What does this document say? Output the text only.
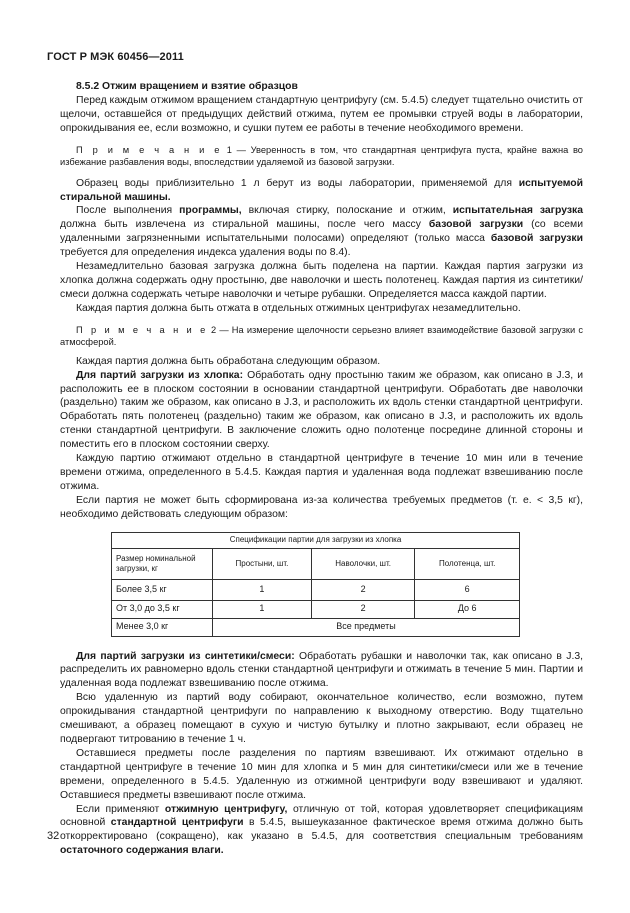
ГОСТ Р МЭК 60456—2011

8.5.2 Отжим вращением и взятие образцов

Перед каждым отжимом вращением стандартную центрифугу (см. 5.4.5) следует тщательно очистить от щелочи, оставшейся от предыдущих действий отжима, путем ее промывки струей воды в лаборатории, опрокидывания ее, если возможно, и сушки путем ее работы в течение необходимого времени.

П р и м е ч а н и е 1 — Уверенность в том, что стандартная центрифуга пуста, крайне важна во избежание разбавления воды, впоследствии удаляемой из базовой загрузки.

Образец воды приблизительно 1 л берут из воды лаборатории, применяемой для испытуемой стиральной машины.

После выполнения программы, включая стирку, полоскание и отжим, испытательная загрузка должна быть извлечена из стиральной машины, после чего массу базовой загрузки (со всеми удаленными загрязненными испытательными полосами) определяют (только масса базовой загрузки требуется для определения индекса удаления воды по 8.4).

Незамедлительно базовая загрузка должна быть поделена на партии. Каждая партия загрузки из хлопка должна содержать одну простыню, две наволочки и шесть полотенец. Каждая партия из синтетики/смеси должна содержать четыре наволочки и четыре рубашки. Определяется масса каждой партии.

Каждая партия должна быть отжата в отдельных отжимных центрифугах незамедлительно.

П р и м е ч а н и е 2 — На измерение щелочности серьезно влияет взаимодействие базовой загрузки с атмосферой.

Каждая партия должна быть обработана следующим образом.

Для партий загрузки из хлопка: Обработать одну простыню таким же образом, как описано в J.3, и расположить ее в плоском состоянии в основании стандартной центрифуги. Обработать две наволочки (раздельно) таким же образом, как описано в J.3, и расположить их вдоль стенки стандартной центрифуги. Обработать пять полотенец (раздельно) таким же образом, как описано в J.3, и расположить их вдоль стенки стандартной центрифуги. В заключение сложить одно полотенце посредине длинной стороны и поместить его в плоском состоянии сверху.

Каждую партию отжимают отдельно в стандартной центрифуге в течение 10 мин или в течение времени отжима, определенного в 5.4.5. Каждая партия и удаленная вода подлежат взвешиванию после отжима.

Если партия не может быть сформирована из-за количества требуемых предметов (т. е. < 3,5 кг), необходимо действовать следующим образом:

Спецификации партии для загрузки из хлопка			
Размер номинальной загрузки, кг	Простыни, шт.	Наволочки, шт.	Полотенца, шт.
Более 3,5 кг	1	2	6
От 3,0 до 3,5 кг	1	2	До 6
Менее 3,0 кг	Все предметы		

Для партий загрузки из синтетики/смеси: Обработать рубашки и наволочки так, как описано в J.3, распределить их равномерно вдоль стенки стандартной центрифуги и отжимать в течение 5 мин. Партии и удаленная вода подлежат взвешиванию после отжима.

Всю удаленную из партий воду собирают, окончательное количество, если возможно, путем опрокидывания стандартной центрифуги по направлению к выходному отверстию. Воду тщательно смешивают, а образец помещают в сухую и чистую бутылку и плотно закрывают, если образец не подвергают титрованию в течение 1 ч.

Оставшиеся предметы после разделения по партиям взвешивают. Их отжимают отдельно в стандартной центрифуге в течение 10 мин для хлопка и 5 мин для синтетики/смеси или же в течение времени, определенного в 5.4.5. Удаленную из отжимной центрифуги воду взвешивают и удаляют. Оставшиеся предметы взвешивают после отжима.

Если применяют отжимную центрифугу, отличную от той, которая удовлетворяет спецификациям основной стандартной центрифуги в 5.4.5, вышеуказанное фактическое время отжима должно быть откорректировано (сокращено), как указано в 5.4.5, для соответствия специальным требованиям остаточного содержания влаги.

32
